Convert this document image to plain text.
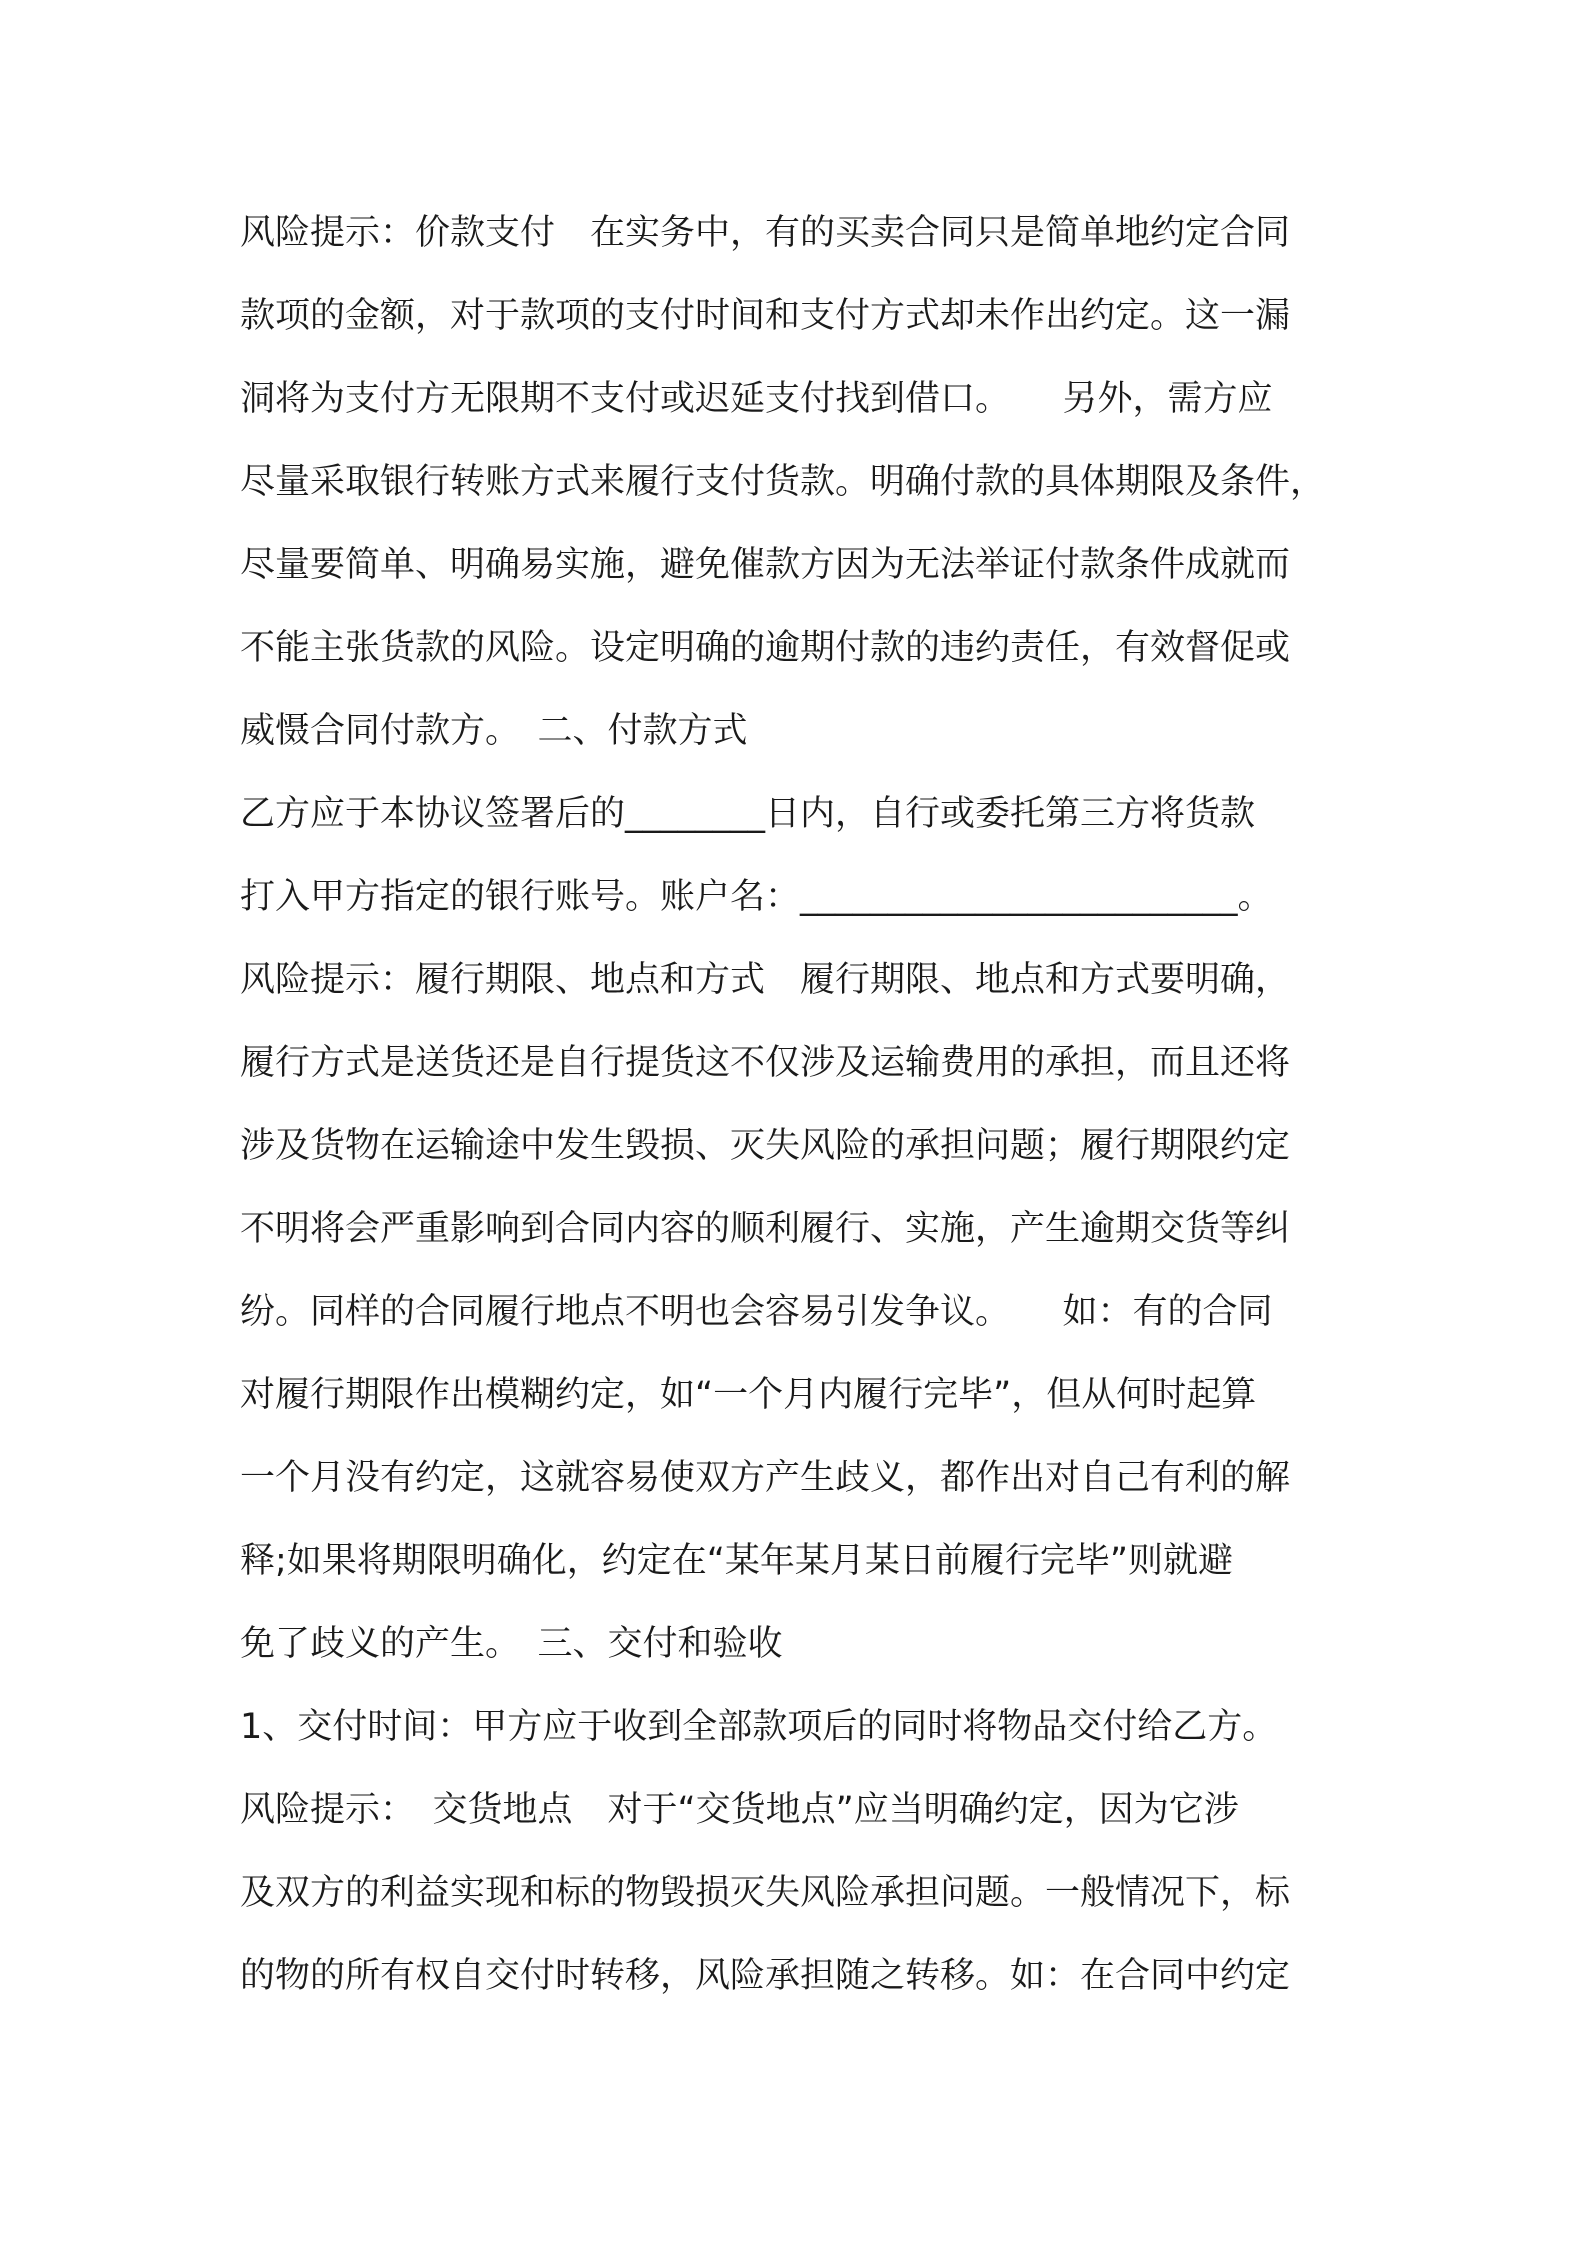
风险提示：价款支付　在实务中，有的买卖合同只是简单地约定合同
款项的金额，对于款项的支付时间和支付方式却未作出约定。这一漏
洞将为支付方无限期不支付或迟延支付找到借口。　　另外，需方应
尽量采取银行转账方式来履行支付货款。明确付款的具体期限及条件，
尽量要简单、明确易实施，避免催款方因为无法举证付款条件成就而
不能主张货款的风险。设定明确的逾期付款的违约责任，有效督促或
威慑合同付款方。　二、付款方式
乙方应于本协议签署后的________日内，自行或委托第三方将货款
打入甲方指定的银行账号。账户名：_________________________。
风险提示：履行期限、地点和方式　履行期限、地点和方式要明确，
履行方式是送货还是自行提货这不仅涉及运输费用的承担，而且还将
涉及货物在运输途中发生毁损、灭失风险的承担问题；履行期限约定
不明将会严重影响到合同内容的顺利履行、实施，产生逾期交货等纠
纷。同样的合同履行地点不明也会容易引发争议。　　如：有的合同
对履行期限作出模糊约定，如“一个月内履行完毕”，但从何时起算
一个月没有约定，这就容易使双方产生歧义，都作出对自己有利的解
释;如果将期限明确化，约定在“某年某月某日前履行完毕”则就避
免了歧义的产生。　三、交付和验收
1、交付时间：甲方应于收到全部款项后的同时将物品交付给乙方。
风险提示：　交货地点　对于“交货地点”应当明确约定，因为它涉
及双方的利益实现和标的物毁损灭失风险承担问题。一般情况下，标
的物的所有权自交付时转移，风险承担随之转移。如：在合同中约定
